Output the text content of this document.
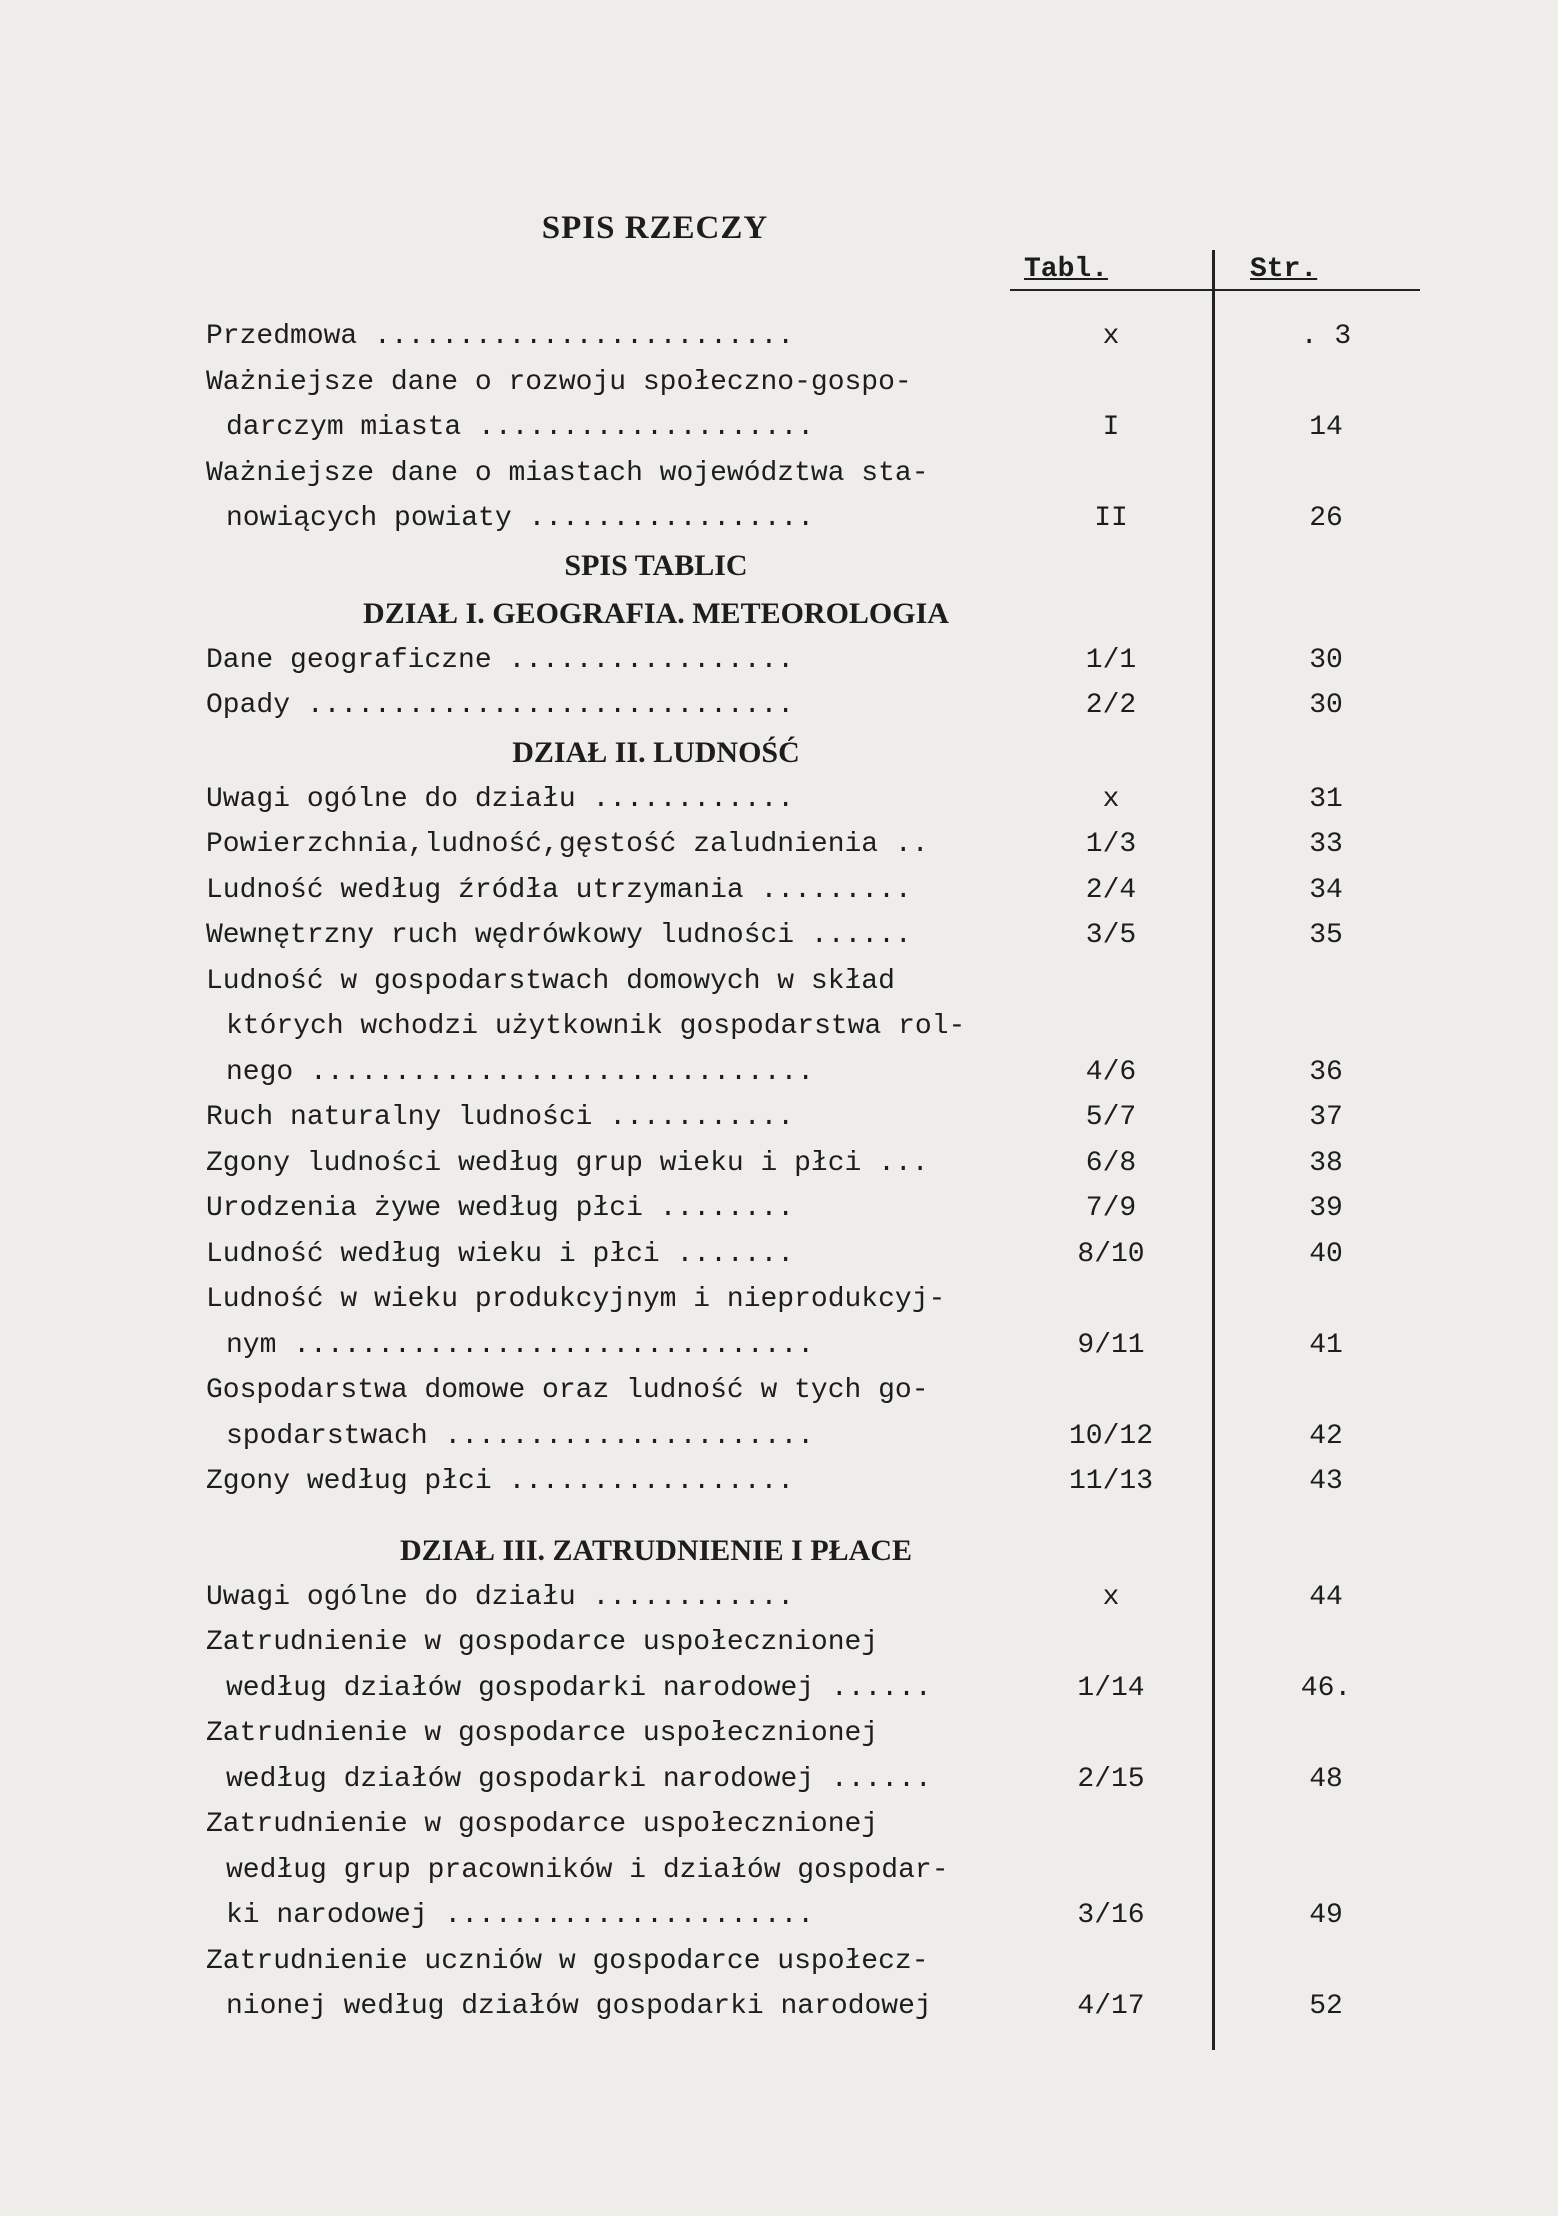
SPIS RZECZY
Tabl.	Str.
Przedmowa .........................	x	. 3
Ważniejsze dane o rozwoju społeczno-gospo-
darczym miasta ....................	I	14
Ważniejsze dane o miastach województwa sta-
nowiących powiaty .................	II	26
SPIS TABLIC
DZIAŁ I. GEOGRAFIA. METEOROLOGIA
Dane geograficzne .................	1/1	30
Opady .............................	2/2	30
DZIAŁ II. LUDNOŚĆ
Uwagi ogólne do działu ............	x	31
Powierzchnia,ludność,gęstość zaludnienia ..	1/3	33
Ludność według źródła utrzymania .........	2/4	34
Wewnętrzny ruch wędrówkowy ludności ......	3/5	35
Ludność w gospodarstwach domowych w skład
których wchodzi użytkownik gospodarstwa rol-
nego ..............................	4/6	36
Ruch naturalny ludności ...........	5/7	37
Zgony ludności według grup wieku i płci ...	6/8	38
Urodzenia żywe według płci ........	7/9	39
Ludność według wieku i płci .......	8/10	40
Ludność w wieku produkcyjnym i nieprodukcyj-
nym ...............................	9/11	41
Gospodarstwa domowe oraz ludność w tych go-
spodarstwach ......................	10/12	42
Zgony według płci .................	11/13	43
DZIAŁ III. ZATRUDNIENIE I PŁACE
Uwagi ogólne do działu ............	x	44
Zatrudnienie w gospodarce uspołecznionej
według działów gospodarki narodowej ......	1/14	46.
Zatrudnienie w gospodarce uspołecznionej
według działów gospodarki narodowej ......	2/15	48
Zatrudnienie w gospodarce uspołecznionej
według grup pracowników i działów gospodar-
ki narodowej ......................	3/16	49
Zatrudnienie uczniów w gospodarce uspołecz-
nionej według działów gospodarki narodowej	4/17	52
